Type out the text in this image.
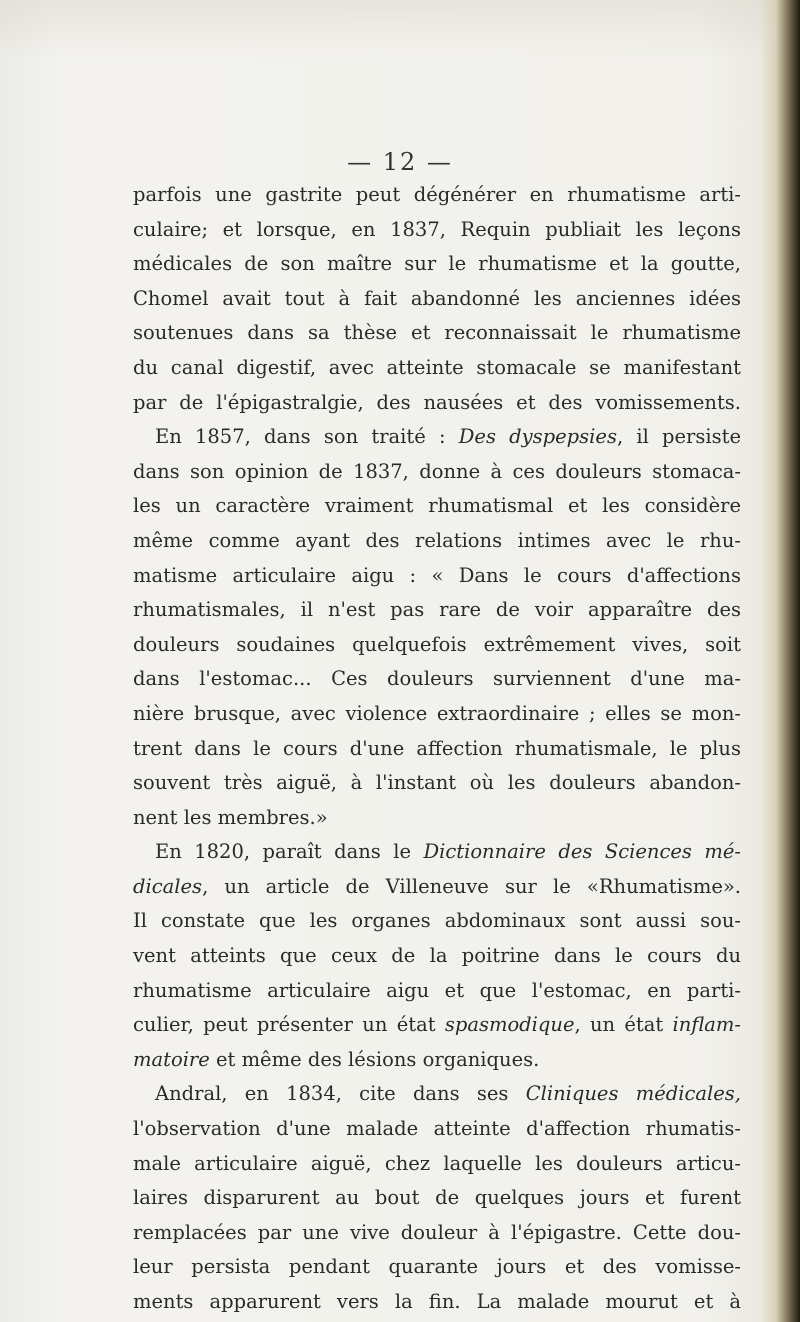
— 12 —
parfois une gastrite peut dégénérer en rhumatisme arti-
culaire; et lorsque, en 1837, Requin publiait les leçons
médicales de son maître sur le rhumatisme et la goutte,
Chomel avait tout à fait abandonné les anciennes idées
soutenues dans sa thèse et reconnaissait le rhumatisme
du canal digestif, avec atteinte stomacale se manifestant
par de l'épigastralgie, des nausées et des vomissements.
En 1857, dans son traité : Des dyspepsies, il persiste
dans son opinion de 1837, donne à ces douleurs stomaca-
les un caractère vraiment rhumatismal et les considère
même comme ayant des relations intimes avec le rhu-
matisme articulaire aigu : « Dans le cours d'affections
rhumatismales, il n'est pas rare de voir apparaître des
douleurs soudaines quelquefois extrêmement vives, soit
dans l'estomac... Ces douleurs surviennent d'une ma-
nière brusque, avec violence extraordinaire ; elles se mon-
trent dans le cours d'une affection rhumatismale, le plus
souvent très aiguë, à l'instant où les douleurs abandon-
nent les membres.»
En 1820, paraît dans le Dictionnaire des Sciences mé-
dicales, un article de Villeneuve sur le «Rhumatisme».
Il constate que les organes abdominaux sont aussi sou-
vent atteints que ceux de la poitrine dans le cours du
rhumatisme articulaire aigu et que l'estomac, en parti-
culier, peut présenter un état spasmodique, un état inflam-
matoire et même des lésions organiques.
Andral, en 1834, cite dans ses Cliniques médicales,
l'observation d'une malade atteinte d'affection rhumatis-
male articulaire aiguë, chez laquelle les douleurs articu-
laires disparurent au bout de quelques jours et furent
remplacées par une vive douleur à l'épigastre. Cette dou-
leur persista pendant quarante jours et des vomisse-
ments apparurent vers la fin. La malade mourut et à
